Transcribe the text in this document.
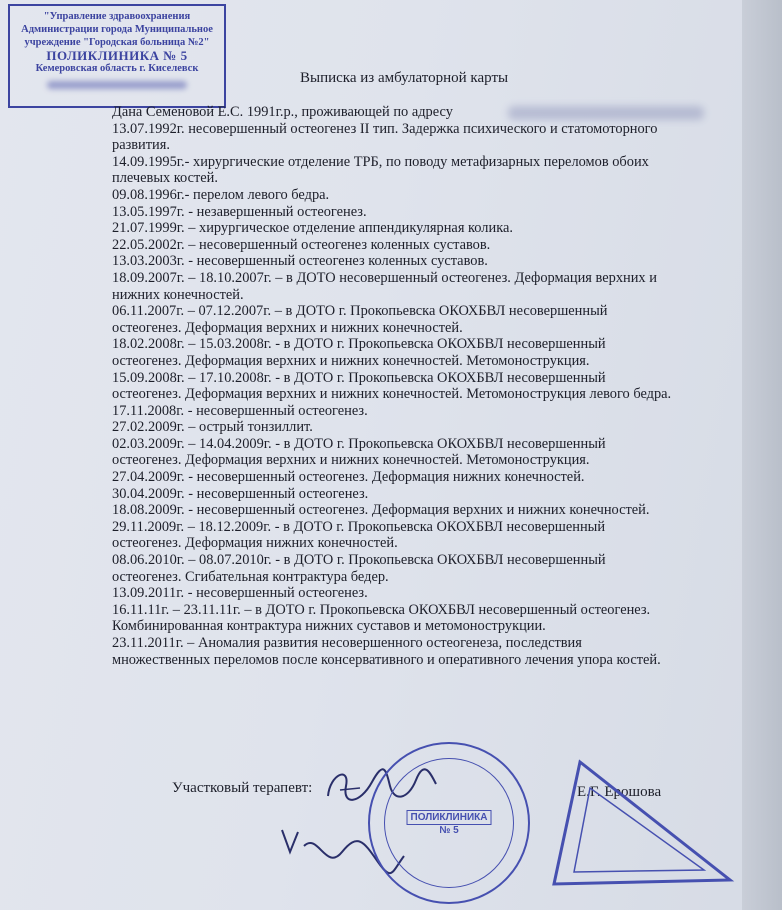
"Управление здравоохранения
Администрации города Муниципальное
учреждение "Городская больница №2"
ПОЛИКЛИНИКА № 5
Кемеровская область г. Киселевск
Выписка из амбулаторной карты
Дана Семеновой Е.С. 1991г.р., проживающей по адресу
13.07.1992г. несовершенный остеогенез II тип. Задержка психического и статомоторного
развития.
14.09.1995г.- хирургические отделение ТРБ, по поводу метафизарных переломов обоих
плечевых костей.
09.08.1996г.- перелом левого бедра.
13.05.1997г. - незавершенный остеогенез.
21.07.1999г. – хирургическое отделение аппендикулярная колика.
22.05.2002г. – несовершенный остеогенез коленных суставов.
13.03.2003г. - несовершенный остеогенез коленных суставов.
18.09.2007г. – 18.10.2007г. – в ДОТО несовершенный остеогенез. Деформация верхних и
нижних конечностей.
06.11.2007г. – 07.12.2007г. – в ДОТО г. Прокопьевска ОКОХБВЛ несовершенный
остеогенез. Деформация верхних и нижних конечностей.
18.02.2008г. – 15.03.2008г. - в ДОТО г. Прокопьевска ОКОХБВЛ несовершенный
остеогенез. Деформация верхних и нижних конечностей. Метомонострукция.
15.09.2008г. – 17.10.2008г. - в ДОТО г. Прокопьевска ОКОХБВЛ несовершенный
остеогенез. Деформация верхних и нижних конечностей. Метомонострукция левого бедра.
17.11.2008г. - несовершенный остеогенез.
27.02.2009г. – острый тонзиллит.
02.03.2009г. – 14.04.2009г. - в ДОТО г. Прокопьевска ОКОХБВЛ несовершенный
остеогенез. Деформация верхних и нижних конечностей. Метомонострукция.
27.04.2009г. - несовершенный остеогенез. Деформация нижних конечностей.
30.04.2009г. - несовершенный остеогенез.
18.08.2009г. - несовершенный остеогенез. Деформация верхних и нижних конечностей.
29.11.2009г. – 18.12.2009г. - в ДОТО г. Прокопьевска ОКОХБВЛ несовершенный
остеогенез. Деформация нижних конечностей.
08.06.2010г. – 08.07.2010г. - в ДОТО г. Прокопьевска ОКОХБВЛ несовершенный
остеогенез. Сгибательная контрактура бедер.
13.09.2011г. - несовершенный остеогенез.
16.11.11г. – 23.11.11г. – в ДОТО г. Прокопьевска ОКОХБВЛ несовершенный остеогенез.
Комбинированная контрактура нижних суставов и метомонострукции.
23.11.2011г. – Аномалия развития несовершенного остеогенеза, последствия
множественных переломов после консервативного и оперативного лечения упора костей.
Участковый терапевт:	Е.Г. Ерошова
ПОЛИКЛИНИКА
№ 5
